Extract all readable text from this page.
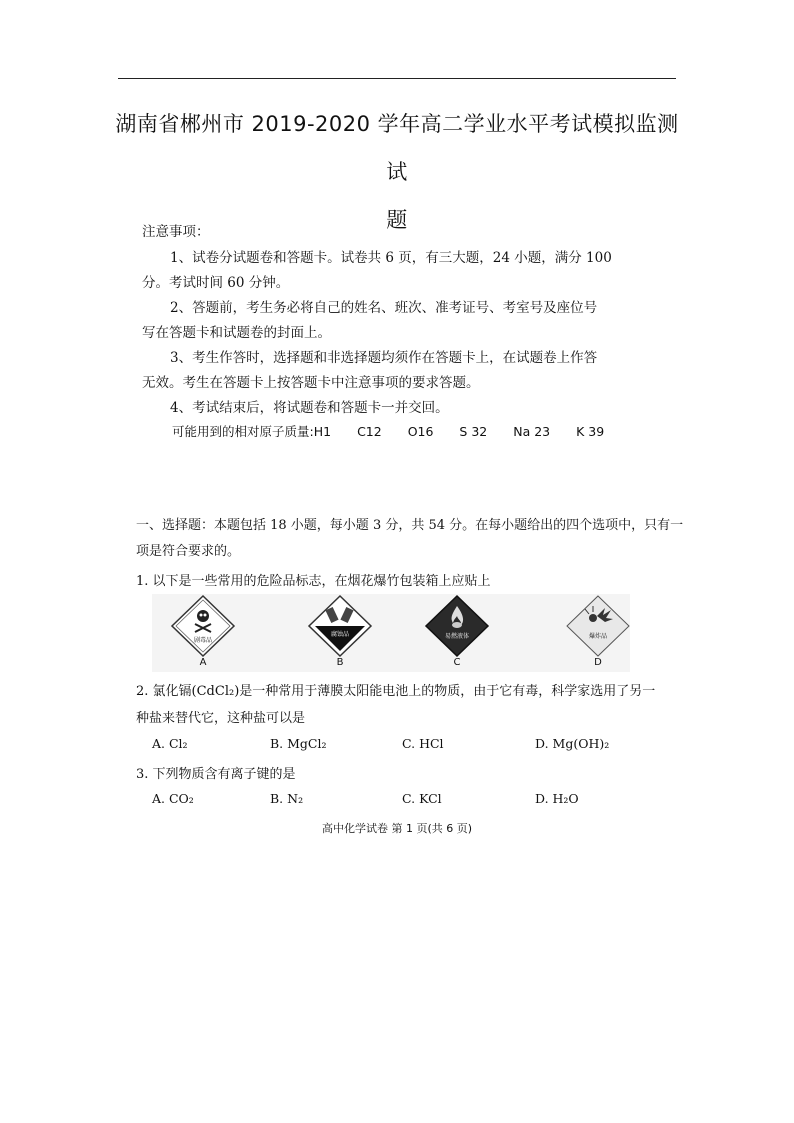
湖南省郴州市 2019-2020 学年高二学业水平考试模拟监测试
题
注意事项：
1、试卷分试题卷和答题卡。试卷共 6 页，有三大题，24 小题，满分 100
分。考试时间 60 分钟。
2、答题前，考生务必将自己的姓名、班次、准考证号、考室号及座位号
写在答题卡和试题卷的封面上。
3、考生作答时，选择题和非选择题均须作在答题卡上，在试题卷上作答
无效。考生在答题卡上按答题卡中注意事项的要求答题。
4、考试结束后，将试题卷和答题卡一并交回。
可能用到的相对原子质量:H1 C12 O16 S 32 Na 23 K 39
一、选择题：本题包括 18 小题，每小题 3 分，共 54 分。在每小题给出的四个选项中，只有一
项是符合要求的。
1. 以下是一些常用的危险品标志，在烟花爆竹包装箱上应贴上
剧毒品
A
腐蚀品
B
易燃液体
C
爆炸品
D
2. 氯化镉(CdCl₂)是一种常用于薄膜太阳能电池上的物质，由于它有毒，科学家选用了另一
种盐来替代它，这种盐可以是
A. Cl₂	B. MgCl₂	C. HCl	D. Mg(OH)₂
3. 下列物质含有离子键的是
A. CO₂	B. N₂	C. KCl	D. H₂O
高中化学试卷 第 1 页(共 6 页)
